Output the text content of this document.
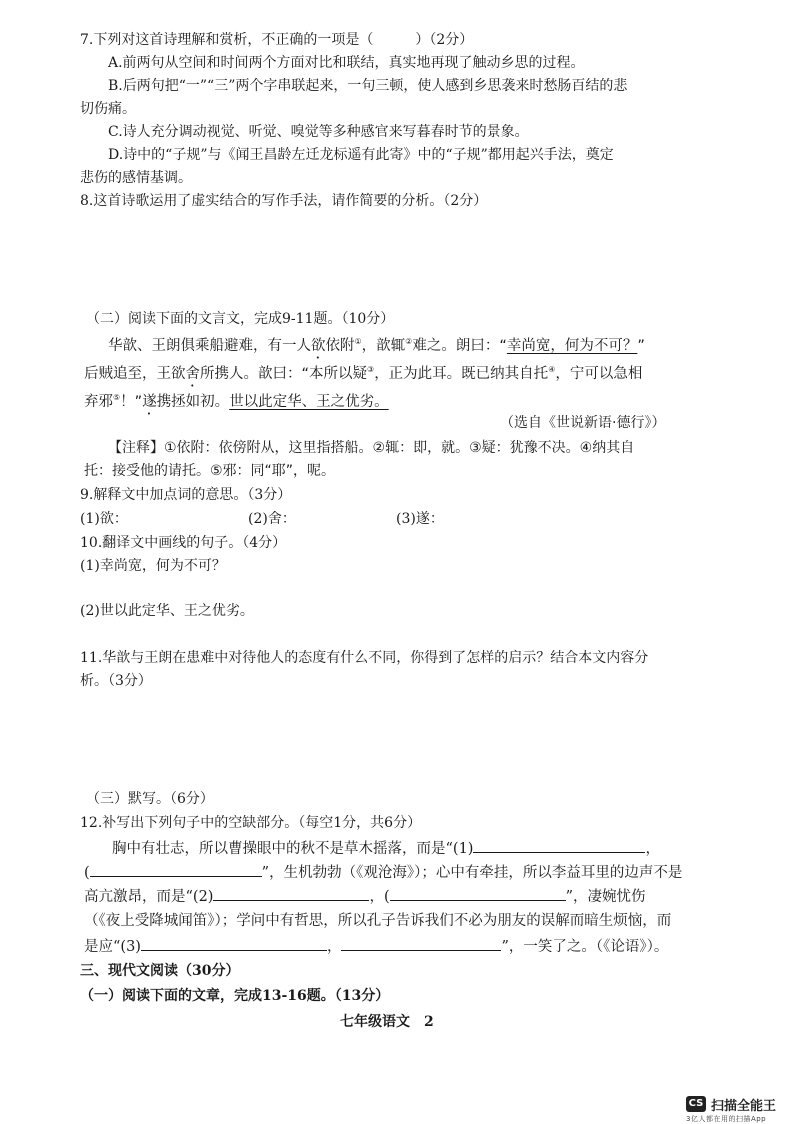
7.下列对这首诗理解和赏析，不正确的一项是（　　　）（2分）
A.前两句从空间和时间两个方面对比和联结，真实地再现了触动乡思的过程。
B.后两句把“一”“三”两个字串联起来，一句三顿，使人感到乡思袭来时愁肠百结的悲
切伤痛。
C.诗人充分调动视觉、听觉、嗅觉等多种感官来写暮春时节的景象。
D.诗中的“子规”与《闻王昌龄左迁龙标遥有此寄》中的“子规”都用起兴手法，奠定
悲伤的感情基调。
8.这首诗歌运用了虚实结合的写作手法，请作简要的分析。（2分）
（二）阅读下面的文言文，完成9-11题。（10分）
华歆、王朗俱乘船避难，有一人欲依附①，歆辄②难之。朗曰：“幸尚宽，何为不可？”
后贼追至，王欲舍所携人。歆曰：“本所以疑③，正为此耳。既已纳其自托④，宁可以急相
弃邪⑤！”遂携拯如初。世以此定华、王之优劣。
（选自《世说新语·德行》）
【注释】①依附：依傍附从，这里指搭船。②辄：即，就。③疑：犹豫不决。④纳其自
托：接受他的请托。⑤邪：同“耶”，呢。
9.解释文中加点词的意思。（3分）
(1)欲：	(2)舍：	(3)遂：
10.翻译文中画线的句子。（4分）
(1)幸尚宽，何为不可？
(2)世以此定华、王之优劣。
11.华歆与王朗在患难中对待他人的态度有什么不同，你得到了怎样的启示？结合本文内容分
析。（3分）
（三）默写。（6分）
12.补写出下列句子中的空缺部分。（每空1分，共6分）
胸中有壮志，所以曹操眼中的秋不是草木摇落，而是“(1)	，
(	”，生机勃勃（《观沧海》）；心中有牵挂，所以李益耳里的边声不是
高亢激昂，而是“(2)	，(	”，凄婉忧伤
（《夜上受降城闻笛》）；学问中有哲思，所以孔子告诉我们不必为朋友的误解而暗生烦恼，而
是应“(3)	，	”，一笑了之。（《论语》）。
三、现代文阅读（30分）
（一）阅读下面的文章，完成13-16题。（13分）
七年级语文 2
CS 扫描全能王
3亿人都在用的扫描App
